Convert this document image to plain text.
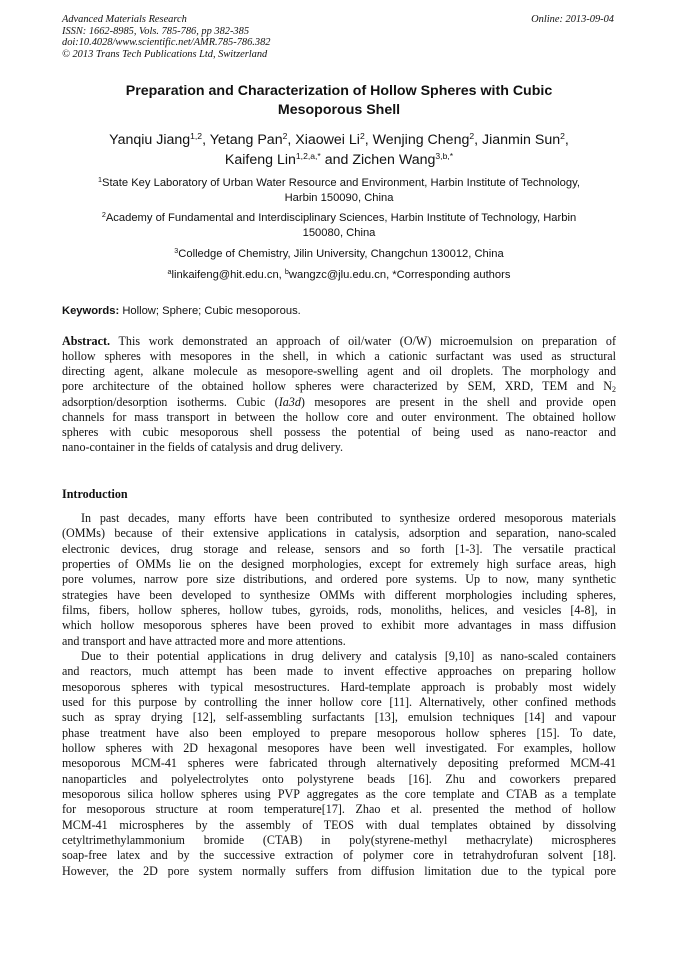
Advanced Materials Research
ISSN: 1662-8985, Vols. 785-786, pp 382-385
doi:10.4028/www.scientific.net/AMR.785-786.382
© 2013 Trans Tech Publications Ltd, Switzerland
Online: 2013-09-04
Preparation and Characterization of Hollow Spheres with Cubic
Mesoporous Shell
Yanqiu Jiang$^{1,2}$, Yetang Pan$^2$, Xiaowei Li$^2$, Wenjing Cheng$^2$, Jianmin Sun$^2$,
Kaifeng Lin$^{1,2,a,*}$ and Zichen Wang$^{3,b,*}$
$^1$State Key Laboratory of Urban Water Resource and Environment, Harbin Institute of Technology,
Harbin 150090, China
$^2$Academy of Fundamental and Interdisciplinary Sciences, Harbin Institute of Technology, Harbin
150080, China
$^3$Colledge of Chemistry, Jilin University, Changchun 130012, China
$^a$linkaifeng@hit.edu.cn, $^b$wangzc@jlu.edu.cn, *Corresponding authors
Keywords: Hollow; Sphere; Cubic mesoporous.
Abstract. This work demonstrated an approach of oil/water (O/W) microemulsion on preparation of
hollow spheres with mesopores in the shell, in which a cationic surfactant was used as structural
directing agent, alkane molecule as mesopore-swelling agent and oil droplets. The morphology and
pore architecture of the obtained hollow spheres were characterized by SEM, XRD, TEM and $N_2$
adsorption/desorption isotherms. Cubic (Ia3d) mesopores are present in the shell and provide open
channels for mass transport in between the hollow core and outer environment. The obtained hollow
spheres with cubic mesoporous shell possess the potential of being used as nano-reactor and
nano-container in the fields of catalysis and drug delivery.
Introduction
In past decades, many efforts have been contributed to synthesize ordered mesoporous materials
(OMMs) because of their extensive applications in catalysis, adsorption and separation, nano-scaled
electronic devices, drug storage and release, sensors and so forth [1-3]. The versatile practical
properties of OMMs lie on the designed morphologies, except for extremely high surface areas, high
pore volumes, narrow pore size distributions, and ordered pore systems. Up to now, many synthetic
strategies have been developed to synthesize OMMs with different morphologies including spheres,
films, fibers, hollow spheres, hollow tubes, gyroids, rods, monoliths, helices, and vesicles [4-8], in
which hollow mesoporous spheres have been proved to exhibit more advantages in mass diffusion
and transport and have attracted more and more attentions.
Due to their potential applications in drug delivery and catalysis [9,10] as nano-scaled containers
and reactors, much attempt has been made to invent effective approaches on preparing hollow
mesoporous spheres with typical mesostructures. Hard-template approach is probably most widely
used for this purpose by controlling the inner hollow core [11]. Alternatively, other confined methods
such as spray drying [12], self-assembling surfactants [13], emulsion techniques [14] and vapour
phase treatment have also been employed to prepare mesoporous hollow spheres [15]. To date,
hollow spheres with 2D hexagonal mesopores have been well investigated. For examples, hollow
mesoporous MCM-41 spheres were fabricated through alternatively depositing preformed MCM-41
nanoparticles and polyelectrolytes onto polystyrene beads [16]. Zhu and coworkers prepared
mesoporous silica hollow spheres using PVP aggregates as the core template and CTAB as a template
for mesoporous structure at room temperature[17]. Zhao et al. presented the method of hollow
MCM-41 microspheres by the assembly of TEOS with dual templates obtained by dissolving
cetyltrimethylammonium bromide (CTAB) in poly(styrene-methyl methacrylate) microspheres
soap-free latex and by the successive extraction of polymer core in tetrahydrofuran solvent [18].
However, the 2D pore system normally suffers from diffusion limitation due to the typical pore
